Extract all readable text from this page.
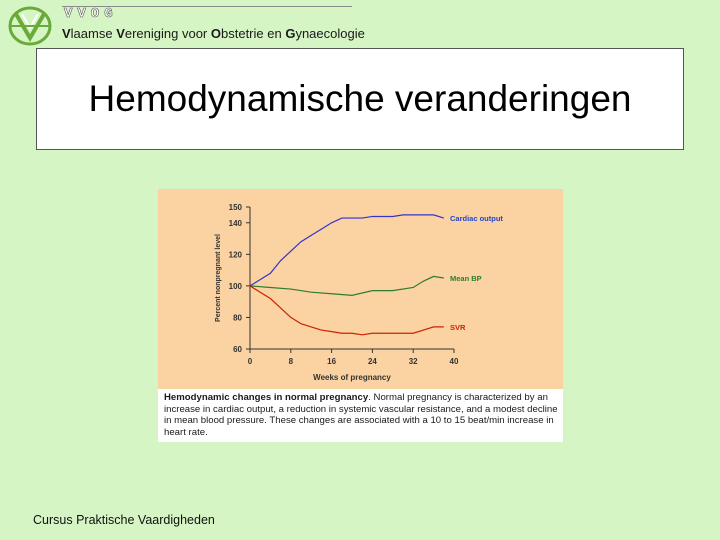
VVOG
Vlaamse Vereniging voor Obstetrie en Gynaecologie
Hemodynamische veranderingen
60
80
100
120
140
150
0	8	16	24	32	40
Weeks of pregnancy
Percent nonpregnant level
Cardiac output
Mean BP
SVR
Hemodynamic changes in normal pregnancy. Normal pregnancy is characterized by an increase in cardiac output, a reduction in systemic vascular resistance, and a modest decline in mean blood pressure. These changes are associated with a 10 to 15 beat/min increase in heart rate.
Cursus Praktische Vaardigheden
